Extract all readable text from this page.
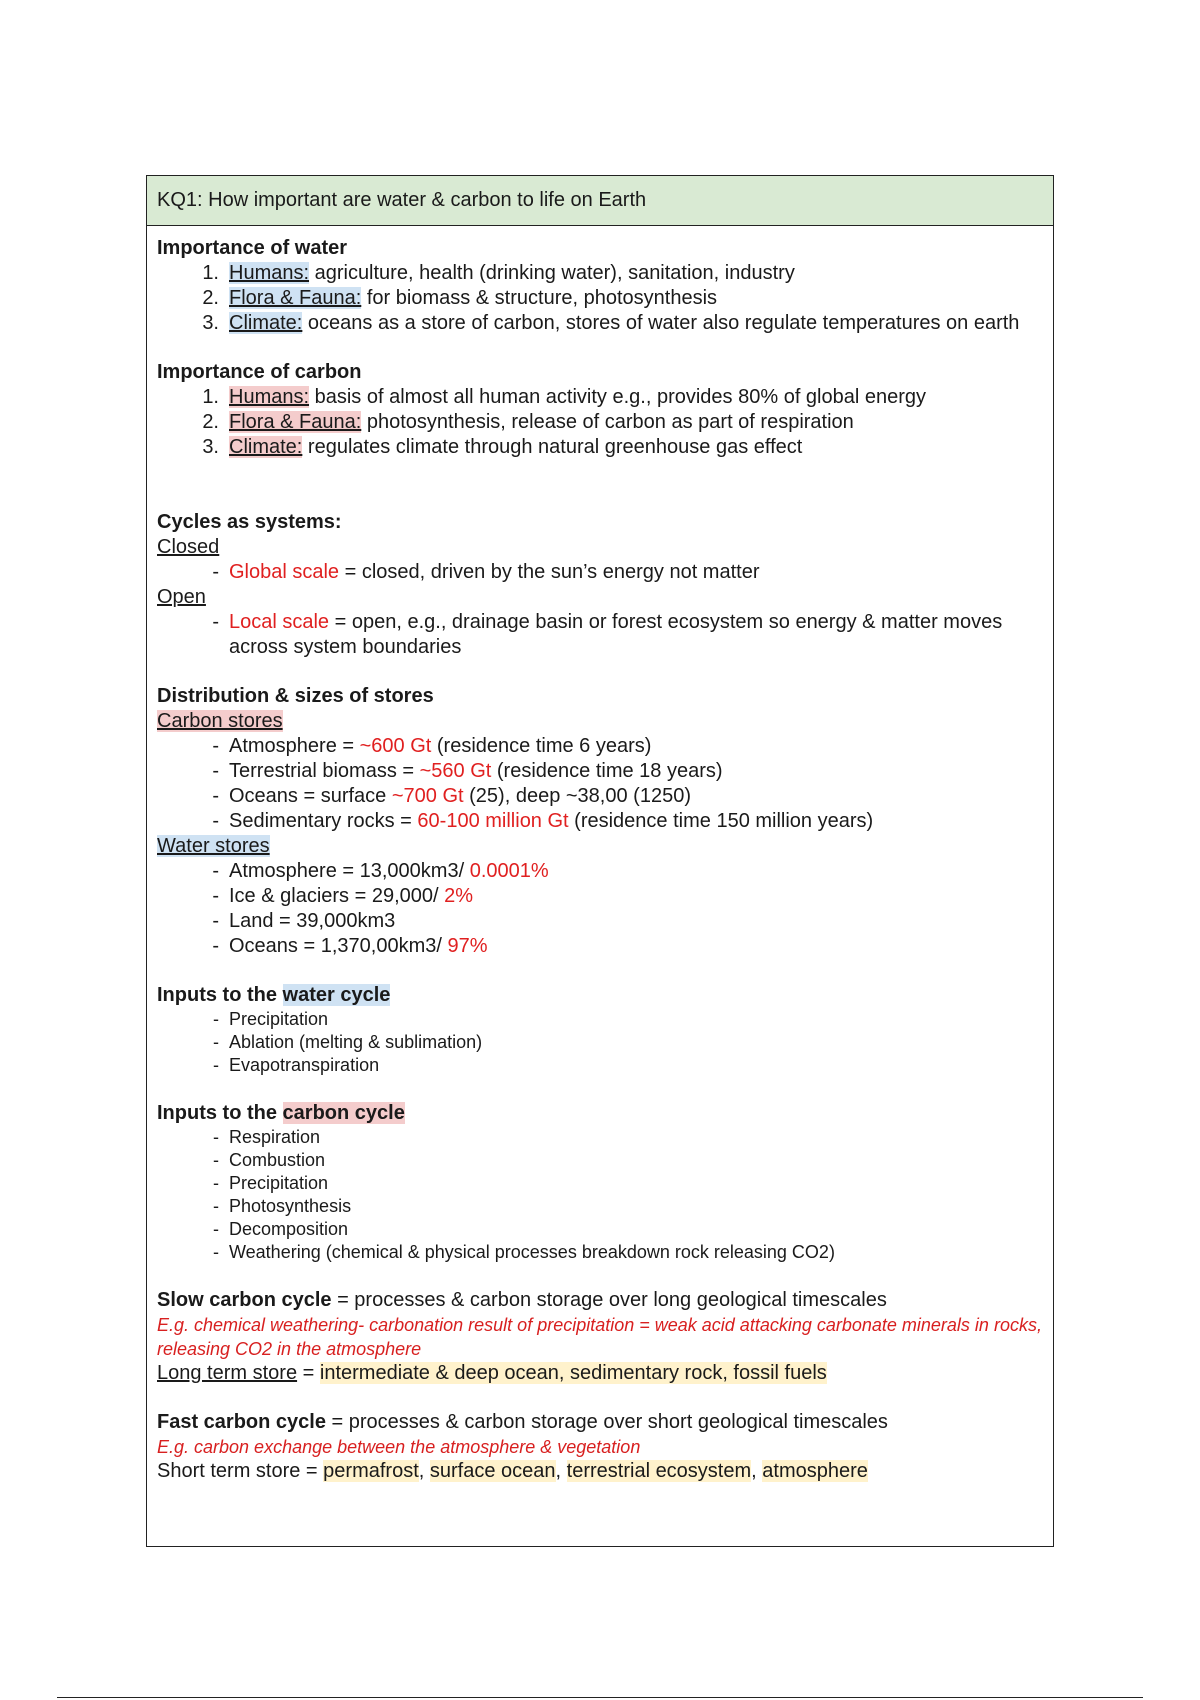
KQ1: How important are water & carbon to life on Earth
Importance of water
1. Humans: agriculture, health (drinking water), sanitation, industry
2. Flora & Fauna: for biomass & structure, photosynthesis
3. Climate: oceans as a store of carbon, stores of water also regulate temperatures on earth
Importance of carbon
1. Humans: basis of almost all human activity e.g., provides 80% of global energy
2. Flora & Fauna: photosynthesis, release of carbon as part of respiration
3. Climate: regulates climate through natural greenhouse gas effect
Cycles as systems:
Closed
- Global scale = closed, driven by the sun’s energy not matter
Open
- Local scale = open, e.g., drainage basin or forest ecosystem so energy & matter moves across system boundaries
Distribution & sizes of stores
Carbon stores
- Atmosphere = ~600 Gt (residence time 6 years)
- Terrestrial biomass = ~560 Gt (residence time 18 years)
- Oceans = surface ~700 Gt (25), deep ~38,00 (1250)
- Sedimentary rocks = 60-100 million Gt (residence time 150 million years)
Water stores
- Atmosphere = 13,000km3/ 0.0001%
- Ice & glaciers = 29,000/ 2%
- Land = 39,000km3
- Oceans = 1,370,00km3/ 97%
Inputs to the water cycle
- Precipitation
- Ablation (melting & sublimation)
- Evapotranspiration
Inputs to the carbon cycle
- Respiration
- Combustion
- Precipitation
- Photosynthesis
- Decomposition
- Weathering (chemical & physical processes breakdown rock releasing CO2)
Slow carbon cycle = processes & carbon storage over long geological timescales
E.g. chemical weathering- carbonation result of precipitation = weak acid attacking carbonate minerals in rocks, releasing CO2 in the atmosphere
Long term store = intermediate & deep ocean, sedimentary rock, fossil fuels
Fast carbon cycle = processes & carbon storage over short geological timescales
E.g. carbon exchange between the atmosphere & vegetation
Short term store = permafrost, surface ocean, terrestrial ecosystem, atmosphere
